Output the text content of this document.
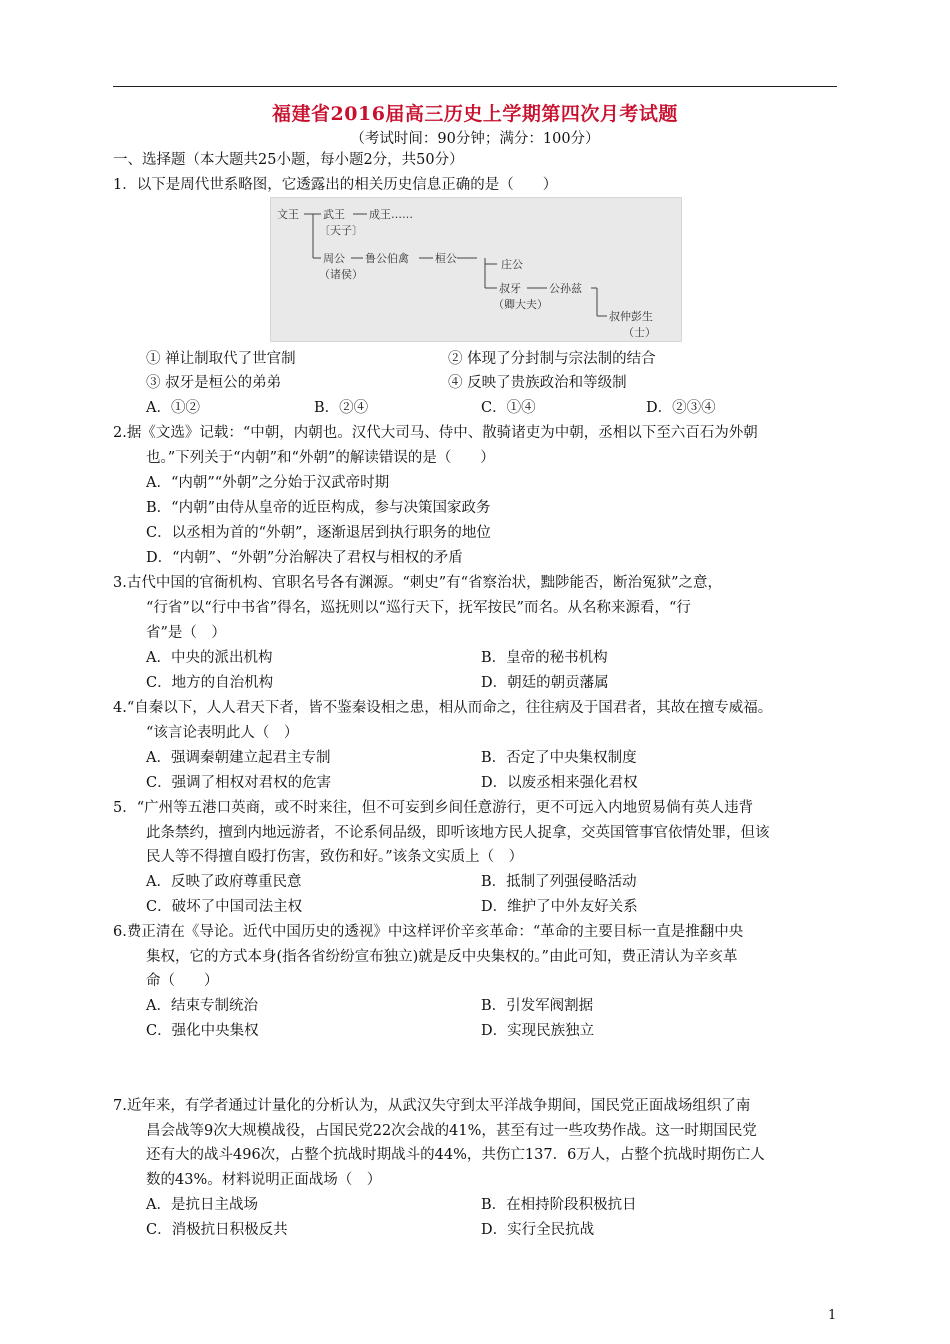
福建省2016届高三历史上学期第四次月考试题
（考试时间：90分钟；满分：100分）
一、选择题（本大题共25小题，每小题2分，共50分）
1．以下是周代世系略图，它透露出的相关历史信息正确的是（　　）
文王 武王 成王……
〔天子〕
周公
（诸侯）
鲁公伯禽 桓公	庄公
叔牙
（卿大夫）
公孙兹
叔仲彭生
（士）
① 禅让制取代了世官制	② 体现了分封制与宗法制的结合
③ 叔牙是桓公的弟弟	④ 反映了贵族政治和等级制
A．①②	B．②④	C．①④	D．②③④
2.据《文选》记载：“中朝，内朝也。汉代大司马、侍中、散骑诸吏为中朝，丞相以下至六百石为外朝
也。”下列关于“内朝”和“外朝”的解读错误的是（　　）
A．“内朝”“外朝”之分始于汉武帝时期
B．“内朝”由侍从皇帝的近臣构成，参与决策国家政务
C．以丞相为首的“外朝”，逐渐退居到执行职务的地位
D．“内朝”、“外朝”分治解决了君权与相权的矛盾
3.古代中国的官衙机构、官职名号各有渊源。“刺史”有“省察治状，黜陟能否，断治冤狱”之意，
“行省”以“行中书省”得名，巡抚则以“巡行天下，抚军按民”而名。从名称来源看，“行
省”是（　）
A．中央的派出机构	B．皇帝的秘书机构
C．地方的自治机构	D．朝廷的朝贡藩属
4.“自秦以下，人人君天下者，皆不鉴秦设相之患，相从而命之，往往病及于国君者，其故在擅专威福。
“该言论表明此人（　）
A．强调秦朝建立起君主专制	B．否定了中央集权制度
C．强调了相权对君权的危害	D．以废丞相来强化君权
5．“广州等五港口英商，或不时来往，但不可妄到乡间任意游行，更不可远入内地贸易倘有英人违背
此条禁约，擅到内地远游者，不论系伺品级，即听该地方民人捉拿，交英国管事官依情处罪，但该
民人等不得擅自殴打伤害，致伤和好。”该条文实质上（　）
A．反映了政府尊重民意	B．抵制了列强侵略活动
C．破坏了中国司法主权	D．维护了中外友好关系
6.费正清在《导论。近代中国历史的透视》中这样评价辛亥革命：“革命的主要目标一直是推翻中央
集权，它的方式本身(指各省纷纷宣布独立)就是反中央集权的。”由此可知，费正清认为辛亥革
命（　　）
A．结束专制统治	B．引发军阀割据
C．强化中央集权	D．实现民族独立
7.近年来，有学者通过计量化的分析认为，从武汉失守到太平洋战争期间，国民党正面战场组织了南
昌会战等9次大规模战役，占国民党22次会战的41%，甚至有过一些攻势作战。这一时期国民党
还有大的战斗496次，占整个抗战时期战斗的44%，共伤亡137．6万人，占整个抗战时期伤亡人
数的43%。材料说明正面战场（　）
A．是抗日主战场	B．在相持阶段积极抗日
C．消极抗日积极反共	D．实行全民抗战
1
